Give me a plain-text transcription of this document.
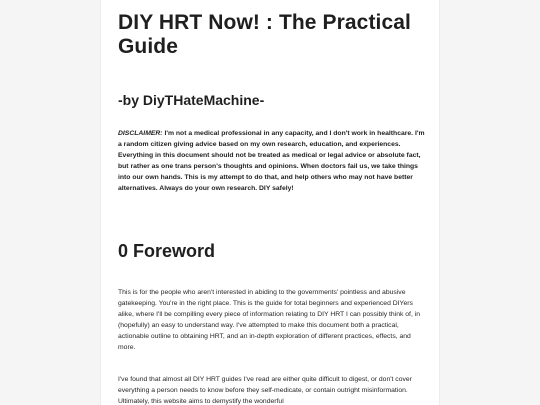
DIY HRT Now! : The Practical Guide
-by DiyTHateMachine-

DISCLAIMER: I'm not a medical professional in any capacity, and I don't work in healthcare. I'm a random citizen giving advice based on my own research, education, and experiences. Everything in this document should not be treated as medical or legal advice or absolute fact, but rather as one trans person's thoughts and opinions. When doctors fail us, we take things into our own hands. This is my attempt to do that, and help others who may not have better alternatives. Always do your own research. DIY safely!

0 Foreword

This is for the people who aren't interested in abiding to the governments' pointless and abusive gatekeeping. You're in the right place. This is the guide for total beginners and experienced DIYers alike, where I'll be compilling every piece of information relating to DIY HRT I can possibly think of, in (hopefully) an easy to understand way. I've attempted to make this document both a practical, actionable outline to obtaining HRT, and an in-depth exploration of different practices, effects, and more.

I've found that almost all DIY HRT guides I've read are either quite difficult to digest, or don't cover everything a person needs to know before they self-medicate, or contain outright misinformation. Ultimately, this website aims to demystify the wonderful
